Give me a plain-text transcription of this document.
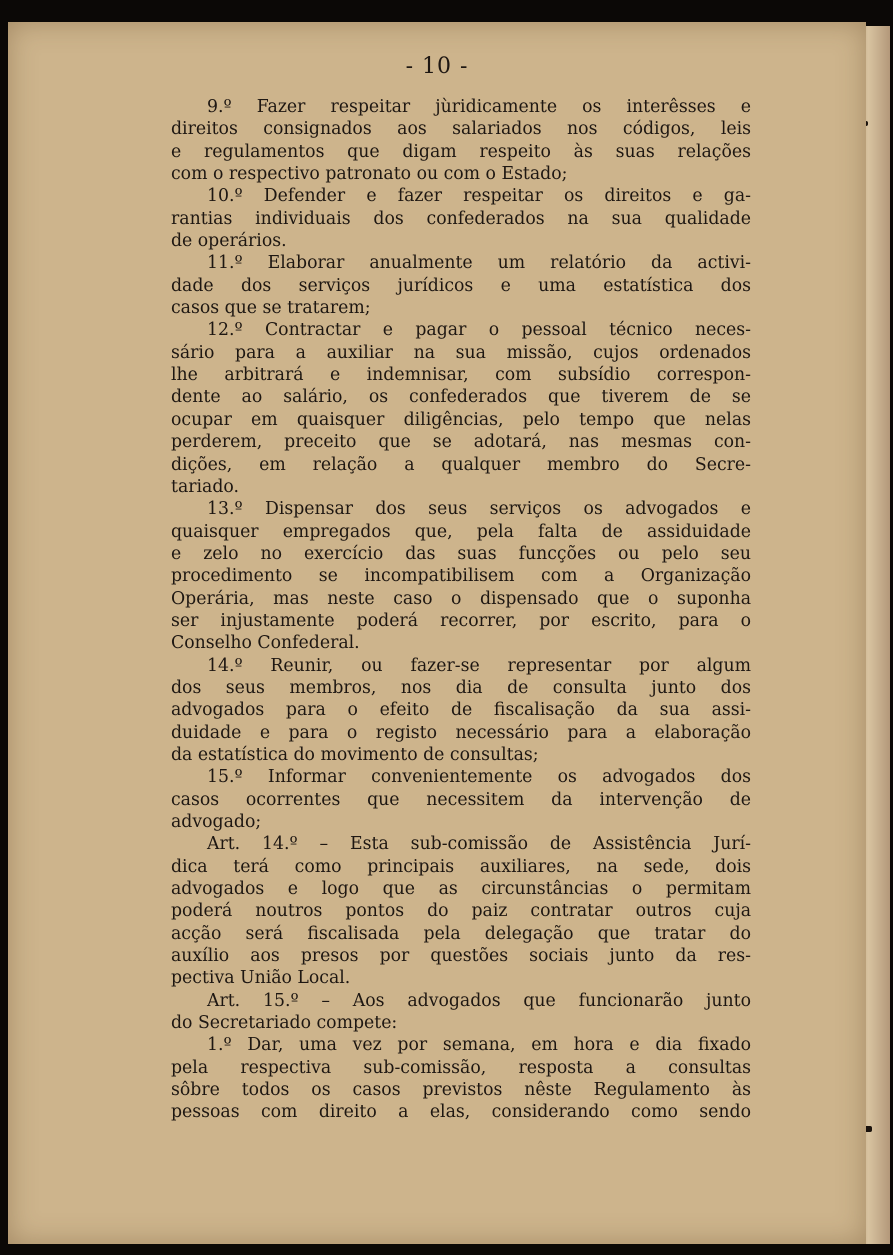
- 10 -
9.º Fazer respeitar jùridicamente os interêsses e
direitos consignados aos salariados nos códigos, leis
e regulamentos que digam respeito às suas relações
com o respectivo patronato ou com o Estado;
10.º Defender e fazer respeitar os direitos e ga-
rantias individuais dos confederados na sua qualidade
de operários.
11.º Elaborar anualmente um relatório da activi-
dade dos serviços jurídicos e uma estatística dos
casos que se tratarem;
12.º Contractar e pagar o pessoal técnico neces-
sário para a auxiliar na sua missão, cujos ordenados
lhe arbitrará e indemnisar, com subsídio correspon-
dente ao salário, os confederados que tiverem de se
ocupar em quaisquer diligências, pelo tempo que nelas
perderem, preceito que se adotará, nas mesmas con-
dições, em relação a qualquer membro do Secre-
tariado.
13.º Dispensar dos seus serviços os advogados e
quaisquer empregados que, pela falta de assiduidade
e zelo no exercício das suas funcções ou pelo seu
procedimento se incompatibilisem com a Organização
Operária, mas neste caso o dispensado que o suponha
ser injustamente poderá recorrer, por escrito, para o
Conselho Confederal.
14.º Reunir, ou fazer-se representar por algum
dos seus membros, nos dia de consulta junto dos
advogados para o efeito de fiscalisação da sua assi-
duidade e para o registo necessário para a elaboração
da estatística do movimento de consultas;
15.º Informar convenientemente os advogados dos
casos ocorrentes que necessitem da intervenção de
advogado;
Art. 14.º – Esta sub-comissão de Assistência Jurí-
dica terá como principais auxiliares, na sede, dois
advogados e logo que as circunstâncias o permitam
poderá noutros pontos do paiz contratar outros cuja
acção será fiscalisada pela delegação que tratar do
auxílio aos presos por questões sociais junto da res-
pectiva União Local.
Art. 15.º – Aos advogados que funcionarão junto
do Secretariado compete:
1.º Dar, uma vez por semana, em hora e dia fixado
pela respectiva sub-comissão, resposta a consultas
sôbre todos os casos previstos nêste Regulamento às
pessoas com direito a elas, considerando como sendo
